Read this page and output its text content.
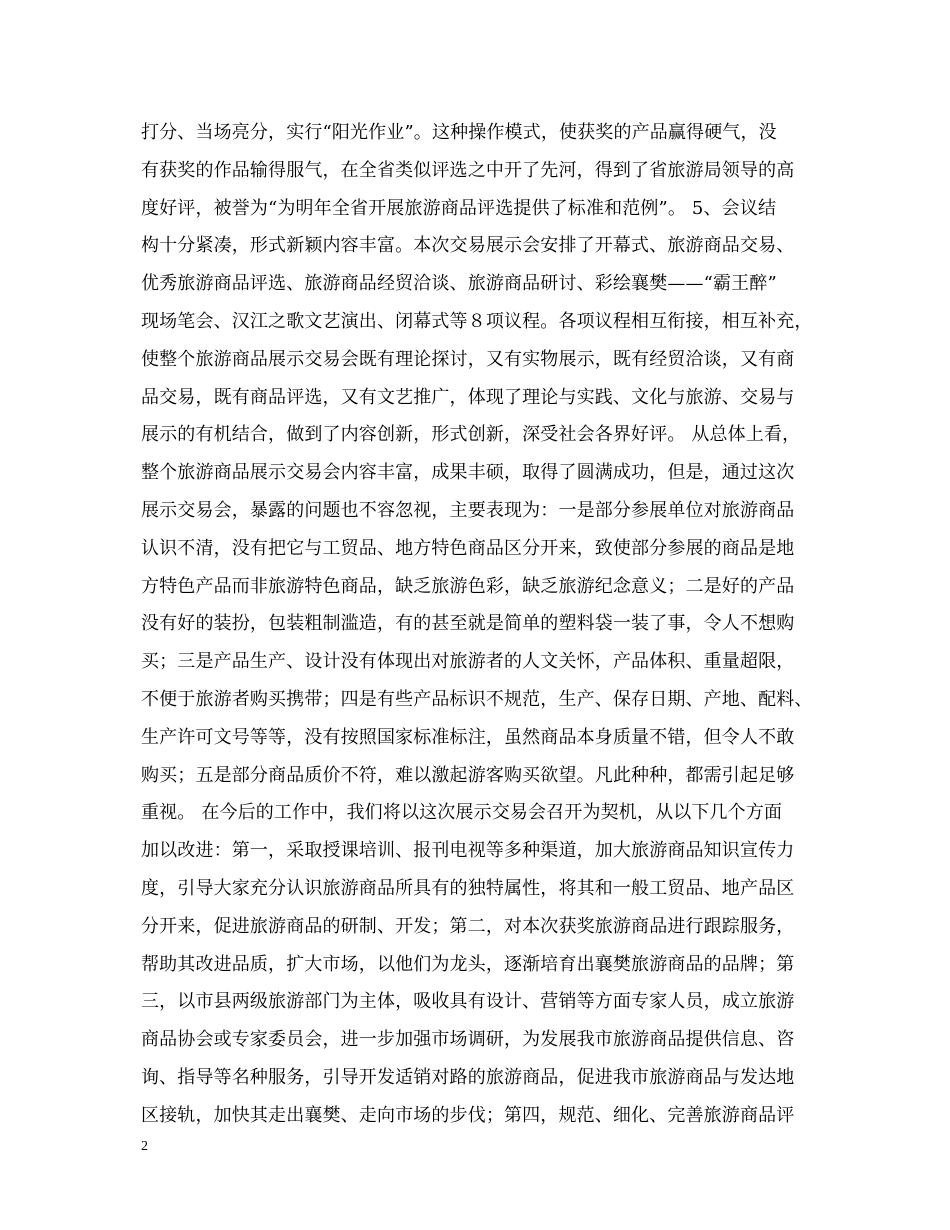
打分、当场亮分，实行“阳光作业”。这种操作模式，使获奖的产品赢得硬气，没
有获奖的作品输得服气，在全省类似评选之中开了先河，得到了省旅游局领导的高
度好评，被誉为“为明年全省开展旅游商品评选提供了标准和范例”。 5、会议结
构十分紧凑，形式新颖内容丰富。本次交易展示会安排了开幕式、旅游商品交易、
优秀旅游商品评选、旅游商品经贸洽谈、旅游商品研讨、彩绘襄樊——“霸王醉”
现场笔会、汉江之歌文艺演出、闭幕式等８项议程。各项议程相互衔接，相互补充，
使整个旅游商品展示交易会既有理论探讨，又有实物展示，既有经贸洽谈，又有商
品交易，既有商品评选，又有文艺推广，体现了理论与实践、文化与旅游、交易与
展示的有机结合，做到了内容创新，形式创新，深受社会各界好评。 从总体上看，
整个旅游商品展示交易会内容丰富，成果丰硕，取得了圆满成功，但是，通过这次
展示交易会，暴露的问题也不容忽视，主要表现为：一是部分参展单位对旅游商品
认识不清，没有把它与工贸品、地方特色商品区分开来，致使部分参展的商品是地
方特色产品而非旅游特色商品，缺乏旅游色彩，缺乏旅游纪念意义；二是好的产品
没有好的装扮，包装粗制滥造，有的甚至就是简单的塑料袋一装了事，令人不想购
买；三是产品生产、设计没有体现出对旅游者的人文关怀，产品体积、重量超限，
不便于旅游者购买携带；四是有些产品标识不规范，生产、保存日期、产地、配料、
生产许可文号等等，没有按照国家标准标注，虽然商品本身质量不错，但令人不敢
购买；五是部分商品质价不符，难以激起游客购买欲望。凡此种种，都需引起足够
重视。 在今后的工作中，我们将以这次展示交易会召开为契机，从以下几个方面
加以改进：第一，采取授课培训、报刊电视等多种渠道，加大旅游商品知识宣传力
度，引导大家充分认识旅游商品所具有的独特属性，将其和一般工贸品、地产品区
分开来，促进旅游商品的研制、开发；第二，对本次获奖旅游商品进行跟踪服务，
帮助其改进品质，扩大市场，以他们为龙头，逐渐培育出襄樊旅游商品的品牌；第
三，以市县两级旅游部门为主体，吸收具有设计、营销等方面专家人员，成立旅游
商品协会或专家委员会，进一步加强市场调研，为发展我市旅游商品提供信息、咨
询、指导等名种服务，引导开发适销对路的旅游商品，促进我市旅游商品与发达地
区接轨，加快其走出襄樊、走向市场的步伐；第四，规范、细化、完善旅游商品评
2
